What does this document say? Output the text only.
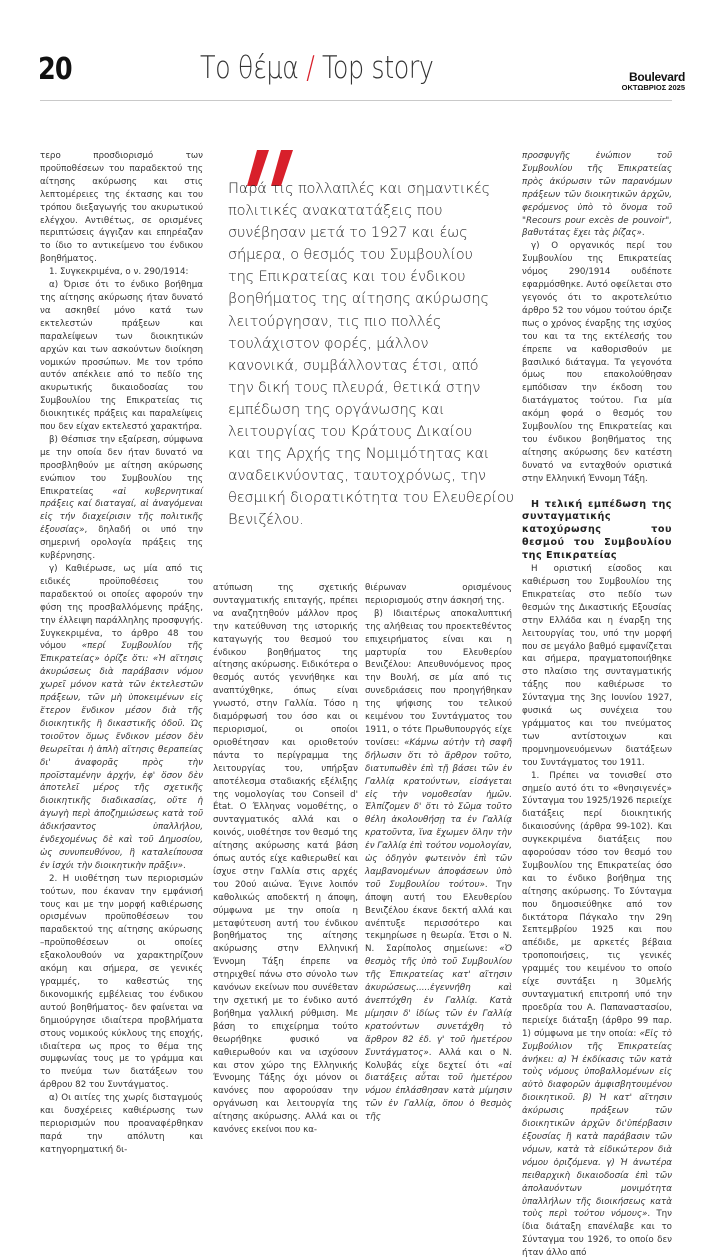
20	Το θέμα / Top story	Boulevard
ΟΚΤΩΒΡΙΟΣ 2025

τερο προσδιορισμό των προϋποθέσεων του παραδεκτού της αίτησης ακύρωσης και στις λεπτομέρειες της έκτασης και του τρόπου διεξαγωγής του ακυρωτικού ελέγχου. Αντιθέτως, σε ορισμένες περιπτώσεις άγγιζαν και επηρέαζαν το ίδιο το αντικείμενο του ένδικου βοηθήματος.

1. Συγκεκριμένα, ο ν. 290/1914:

α) Όρισε ότι το ένδικο βοήθημα της αίτησης ακύρωσης ήταν δυνατό να ασκηθεί μόνο κατά των εκτελεστών πράξεων και παραλείψεων των διοικητικών αρχών και των ασκούντων διοίκηση νομικών προσώπων. Με τον τρόπο αυτόν απέκλειε από το πεδίο της ακυρωτικής δικαιοδοσίας του Συμβουλίου της Επικρατείας τις διοικητικές πράξεις και παραλείψεις που δεν είχαν εκτελεστό χαρακτήρα.

β) Θέσπισε την εξαίρεση, σύμφωνα με την οποία δεν ήταν δυνατό να προσβληθούν με αίτηση ακύρωσης ενώπιον του Συμβουλίου της Επικρατείας «αἱ κυβερνητικαί πράξεις καί διαταγαί, αἱ ἀναγόμεναι εἰς τήν διαχείρισιν τῆς πολιτικῆς ἐξουσίας», δηλαδή οι υπό την σημερινή ορολογία πράξεις της κυβέρνησης.

γ) Καθιέρωσε, ως μία από τις ειδικές προϋποθέσεις του παραδεκτού οι οποίες αφορούν την φύση της προσβαλλόμενης πράξης, την έλλειψη παράλληλης προσφυγής. Συγκεκριμένα, το άρθρο 48 του νόμου «περί Συμβουλίου τῆς Ἐπικρατείας» ὁρίζε ὅτι: «Ἡ αἴτησις ἀκυρώσεως διὰ παράβασιν νόμου χωρεῖ μόνον κατὰ τῶν ἐκτελεστῶν πράξεων, τῶν μὴ ὑποκειμένων εἰς ἕτερον ἔνδικον μέσον διὰ τῆς διοικητικῆς ἢ δικαστικῆς ὁδοῦ. Ὡς τοιοῦτον ὅμως ἔνδικον μέσον δὲν θεωρεῖται ἡ ἁπλὴ αἴτησις θεραπείας δι' ἀναφορᾶς πρὸς τὴν προϊσταμένην ἀρχήν, ἐφ' ὅσον δὲν ἀποτελεῖ μέρος τῆς σχετικῆς διοικητικῆς διαδικασίας, οὔτε ἡ ἀγωγὴ περὶ ἀποζημιώσεως κατὰ τοῦ ἀδικήσαντος ὑπαλλήλου, ἐνδεχομένως δὲ καὶ τοῦ Δημοσίου, ὡς συνυπευθύνου, ἢ καταλείπουσα ἐν ἰσχύι τὴν διοικητικὴν πρᾶξιν».

2. Η υιοθέτηση των περιορισμών τούτων, που έκαναν την εμφάνισή τους και με την μορφή καθιέρωσης ορισμένων προϋποθέσεων του παραδεκτού της αίτησης ακύρωσης –προϋποθέσεων οι οποίες εξακολουθούν να χαρακτηρίζουν ακόμη και σήμερα, σε γενικές γραμμές, το καθεστώς της δικονομικής εμβέλειας του ένδικου αυτού βοηθήματος- δεν φαίνεται να δημιούργησε ιδιαίτερα προβλήματα στους νομικούς κύκλους της εποχής, ιδιαίτερα ως προς το θέμα της συμφωνίας τους με το γράμμα και το πνεύμα των διατάξεων του άρθρου 82 του Συντάγματος.

α) Οι αιτίες της χωρίς δισταγμούς και δυσχέρειες καθιέρωσης των περιορισμών που προαναφέρθηκαν παρά την απόλυτη και κατηγορηματική δι-

Παρά τις πολλαπλές και σημαντικές
πολιτικές ανακατατάξεις που
συνέβησαν μετά το 1927 και έως
σήμερα, ο θεσμός του Συμβουλίου
της Επικρατείας και του ένδικου
βοηθήματος της αίτησης ακύρωσης
λειτούργησαν, τις πιο πολλές
τουλάχιστον φορές, μάλλον
κανονικά, συμβάλλοντας έτσι, από
την δική τους πλευρά, θετικά στην
εμπέδωση της οργάνωσης και
λειτουργίας του Κράτους Δικαίου
και της Αρχής της Νομιμότητας και
αναδεικνύοντας, ταυτοχρόνως, την
θεσμική διορατικότητα του Ελευθερίου
Βενιζέλου.

ατύπωση της σχετικής συνταγματικής επιταγής, πρέπει να αναζητηθούν μάλλον προς την κατεύθυνση της ιστορικής καταγωγής του θεσμού του ένδικου βοηθήματος της αίτησης ακύρωσης. Ειδικότερα ο θεσμός αυτός γεννήθηκε και αναπτύχθηκε, όπως είναι γνωστό, στην Γαλλία. Τόσο η διαμόρφωσή του όσο και οι περιορισμοί, οι οποίοι οριοθέτησαν και οριοθετούν πάντα το περίγραμμα της λειτουργίας του, υπήρξαν αποτέλεσμα σταδιακής εξέλιξης της νομολογίας του Conseil d' État. Ο Έλληνας νομοθέτης, ο συνταγματικός αλλά και ο κοινός, υιοθέτησε τον θεσμό της αίτησης ακύρωσης κατά βάση όπως αυτός είχε καθιερωθεί και ίσχυε στην Γαλλία στις αρχές του 20ού αιώνα. Έγινε λοιπόν καθολικώς αποδεκτή η άποψη, σύμφωνα με την οποία η μεταφύτευση αυτή του ένδικου βοηθήματος της αίτησης ακύρωσης στην Ελληνική Έννομη Τάξη έπρεπε να στηριχθεί πάνω στο σύνολο των κανόνων εκείνων που συνέθεταν την σχετική με το ένδικο αυτό βοήθημα γαλλική ρύθμιση. Με βάση το επιχείρημα τούτο θεωρήθηκε φυσικό να καθιερωθούν και να ισχύσουν και στον χώρο της Ελληνικής Έννομης Τάξης όχι μόνον οι κανόνες που αφορούσαν την οργάνωση και λειτουργία της αίτησης ακύρωσης. Αλλά και οι κανόνες εκείνοι που κα-

θιέρωναν ορισμένους περιορισμούς στην άσκησή της.

β) Ιδιαιτέρως αποκαλυπτική της αλήθειας του προεκτεθέντος επιχειρήματος είναι και η μαρτυρία του Ελευθερίου Βενιζέλου: Απευθυνόμενος προς την Βουλή, σε μία από τις συνεδριάσεις που προηγήθηκαν της ψήφισης του τελικού κειμένου του Συντάγματος του 1911, ο τότε Πρωθυπουργός είχε τονίσει: «Κάμνω αὐτὴν τὴ σαφῆ δήλωσιν ὅτι τὸ ἄρθρον τοῦτο, διατυπωθὲν ἐπὶ τῇ βάσει τῶν ἐν Γαλλίᾳ κρατούντων, εἰσάγεται εἰς τὴν νομοθεσίαν ἡμῶν. Ἐλπίζομεν δ' ὅτι τὸ Σῶμα τοῦτο θέλη ἀκολουθήσῃ τα ἐν Γαλλίᾳ κρατοῦντα, ἵνα ἔχωμεν ὅλην τὴν ἐν Γαλλίᾳ ἐπὶ τούτου νομολογίαν, ὡς ὁδηγὸν φωτεινὸν ἐπὶ τῶν λαμβανομένων ἀποφάσεων ὑπὸ τοῦ Συμβουλίου τούτου». Την άποψη αυτή του Ελευθερίου Βενιζέλου έκανε δεκτή αλλά και ανέπτυξε περισσότερο και τεκμηρίωσε η θεωρία. Έτσι ο Ν. Ν. Σαρίπολος σημείωνε: «Ὁ θεσμὸς τῆς ὑπὸ τοῦ Συμβουλίου τῆς Ἐπικρατείας κατ' αἴτησιν ἀκυρώσεως.....ἐγεννήθη καὶ ἀνεπτύχθη ἐν Γαλλίᾳ. Κατὰ μίμησιν δ' ἰδίως τῶν ἐν Γαλλίᾳ κρατούντων συνετάχθη τὸ ἄρθρον 82 ἐδ. γ' τοῦ ἡμετέρου Συντάγματος». Αλλά και ο Ν. Κολυβάς είχε δεχτεί ότι «αἱ διατάξεις αὗται τοῦ ἡμετέρου νόμου ἐπλάσθησαν κατὰ μίμησιν τῶν ἐν Γαλλίᾳ, ὅπου ὁ θεσμὸς τῆς

προσφυγῆς ἐνώπιον τοῦ Συμβουλίου τῆς Ἐπικρατείας πρὸς ἀκύρωσιν τῶν παρανόμων πράξεων τῶν διοικητικῶν ἀρχῶν, φερόμενος ὑπὸ τὸ ὄνομα τοῦ "Recours pour excès de pouvoir", βαθυτάτας ἔχει τὰς ῥίζας».

γ) Ο οργανικός περί του Συμβουλίου της Επικρατείας νόμος 290/1914 ουδέποτε εφαρμόσθηκε. Αυτό οφείλεται στο γεγονός ότι το ακροτελεύτιο άρθρο 52 του νόμου τούτου όριζε πως ο χρόνος έναρξης της ισχύος του και τα της εκτέλεσής του έπρεπε να καθορισθούν με βασιλικό διάταγμα. Τα γεγονότα όμως που επακολούθησαν εμπόδισαν την έκδοση του διατάγματος τούτου. Για μία ακόμη φορά ο θεσμός του Συμβουλίου της Επικρατείας και του ένδικου βοηθήματος της αίτησης ακύρωσης δεν κατέστη δυνατό να ενταχθούν οριστικά στην Ελληνική Έννομη Τάξη.

Η τελική εμπέδωση της συνταγματικής κατοχύρωσης του θεσμού του Συμβουλίου της Επικρατείας

Η οριστική είσοδος και καθιέρωση του Συμβουλίου της Επικρατείας στο πεδίο των θεσμών της Δικαστικής Εξουσίας στην Ελλάδα και η έναρξη της λειτουργίας του, υπό την μορφή που σε μεγάλο βαθμό εμφανίζεται και σήμερα, πραγματοποιήθηκε στο πλαίσιο της συνταγματικής τάξης που καθιέρωσε το Σύνταγμα της 3ης Ιουνίου 1927, φυσικά ως συνέχεια του γράμματος και του πνεύματος των αντίστοιχων και προμνημονευόμενων διατάξεων του Συντάγματος του 1911.

1. Πρέπει να τονισθεί στο σημείο αυτό ότι το «θνησιγενές» Σύνταγμα του 1925/1926 περιείχε διατάξεις περί διοικητικής δικαιοσύνης (άρθρα 99-102). Και συγκεκριμένα διατάξεις που αφορούσαν τόσο τον θεσμό του Συμβουλίου της Επικρατείας όσο και το ένδικο βοήθημα της αίτησης ακύρωσης. Το Σύνταγμα που δημοσιεύθηκε από τον δικτάτορα Πάγκαλο την 29η Σεπτεμβρίου 1925 και που απέδιδε, με αρκετές βέβαια τροποποιήσεις, τις γενικές γραμμές του κειμένου το οποίο είχε συντάξει η 30μελής συνταγματική επιτροπή υπό την προεδρία του Α. Παπαναστασίου, περιείχε διάταξη (άρθρο 99 παρ. 1) σύμφωνα με την οποία: «Εἰς τὸ Συμβούλιον τῆς Ἐπικρατείας ἀνήκει: α) Ἡ ἐκδίκασις τῶν κατὰ τοὺς νόμους ὑποβαλλομένων εἰς αὐτὸ διαφορῶν ἀμφισβητουμένου διοικητικοῦ. β) Ἡ κατ' αἴτησιν ἀκύρωσις πράξεων τῶν διοικητικῶν ἀρχῶν δι'ὑπέρβασιν ἐξουσίας ἢ κατὰ παράβασιν τῶν νόμων, κατὰ τὰ εἰδικώτερον διὰ νόμου ὁριζόμενα. γ) Ἡ ἀνωτέρα πειθαρχικὴ δικαιοδοσία ἐπὶ τῶν ἀπολαυόντων μονιμότητα ὑπαλλήλων τῆς διοικήσεως κατὰ τοὺς περὶ τούτου νόμους». Την ίδια διάταξη επανέλαβε και το Σύνταγμα του 1926, το οποίο δεν ήταν άλλο από
